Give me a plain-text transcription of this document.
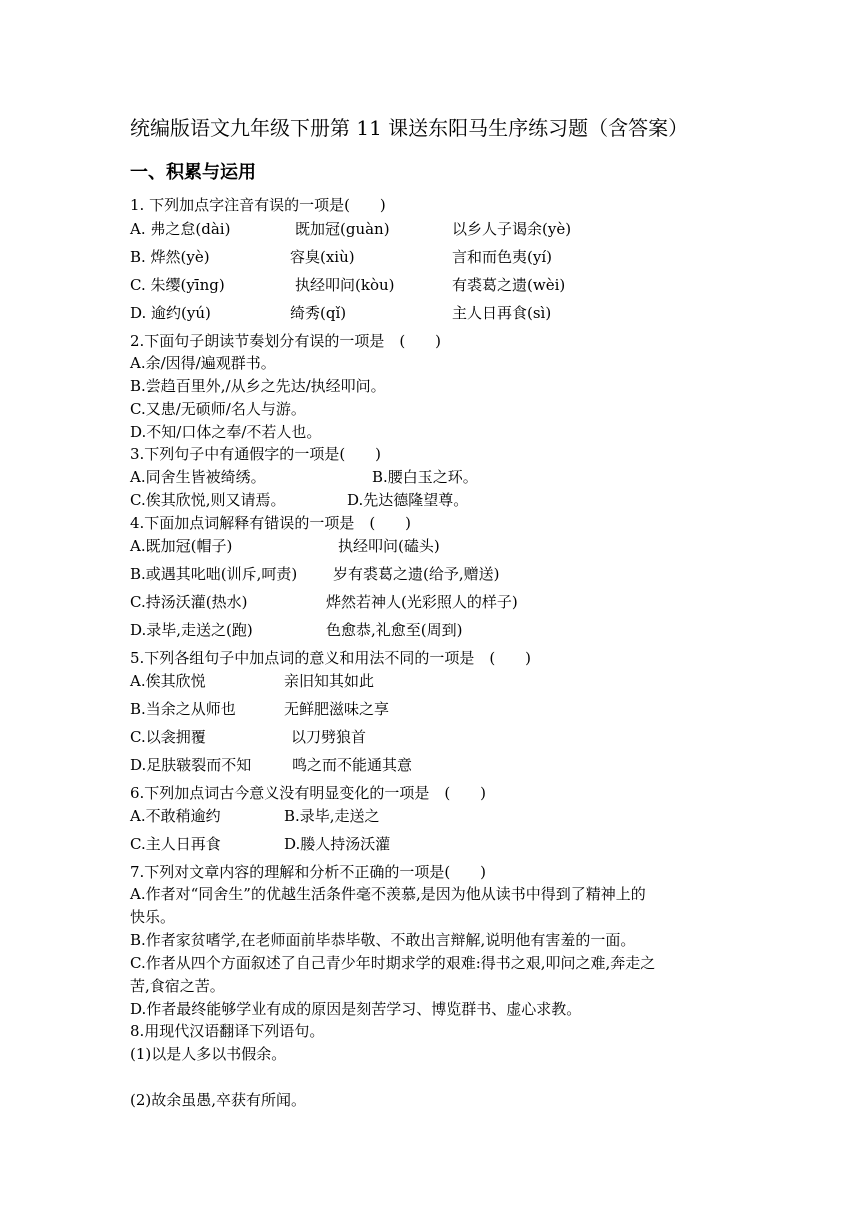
统编版语文九年级下册第 11 课送东阳马生序练习题（含答案）
一、积累与运用
1. 下列加点字注音有误的一项是(　　)
A. 弗之怠(dài)	既加冠(guàn)	以乡人子谒余(yè)
B. 烨然(yè)	容臭(xiù)	言和而色夷(yí)
C. 朱缨(yīng)	执经叩问(kòu)	有裘葛之遗(wèi)
D. 逾约(yú)	绮秀(qǐ)	主人日再食(sì)
2.下面句子朗读节奏划分有误的一项是　(　　)
A.余/因得/遍观群书。
B.尝趋百里外,/从乡之先达/执经叩问。
C.又患/无硕师/名人与游。
D.不知/口体之奉/不若人也。
3.下列句子中有通假字的一项是(　　)
A.同舍生皆被绮绣。	B.腰白玉之环。
C.俟其欣悦,则又请焉。	D.先达德隆望尊。
4.下面加点词解释有错误的一项是　(　　)
A.既加冠(帽子)	执经叩问(磕头)
B.或遇其叱咄(训斥,呵责) 岁有裘葛之遗(给予,赠送)
C.持汤沃灌(热水)	烨然若神人(光彩照人的样子)
D.录毕,走送之(跑)	色愈恭,礼愈至(周到)
5.下列各组句子中加点词的意义和用法不同的一项是　(　　)
A.俟其欣悦	亲旧知其如此
B.当余之从师也	无鲜肥滋味之享
C.以衾拥覆	以刀劈狼首
D.足肤皲裂而不知	鸣之而不能通其意
6.下列加点词古今意义没有明显变化的一项是　(　　)
A.不敢稍逾约	B.录毕,走送之
C.主人日再食	D.媵人持汤沃灌
7.下列对文章内容的理解和分析不正确的一项是(　　)
A.作者对“同舍生”的优越生活条件毫不羡慕,是因为他从读书中得到了精神上的
快乐。
B.作者家贫嗜学,在老师面前毕恭毕敬、不敢出言辩解,说明他有害羞的一面。
C.作者从四个方面叙述了自己青少年时期求学的艰难:得书之艰,叩问之难,奔走之
苦,食宿之苦。
D.作者最终能够学业有成的原因是刻苦学习、博览群书、虚心求教。
8.用现代汉语翻译下列语句。
(1)以是人多以书假余。
(2)故余虽愚,卒获有所闻。
